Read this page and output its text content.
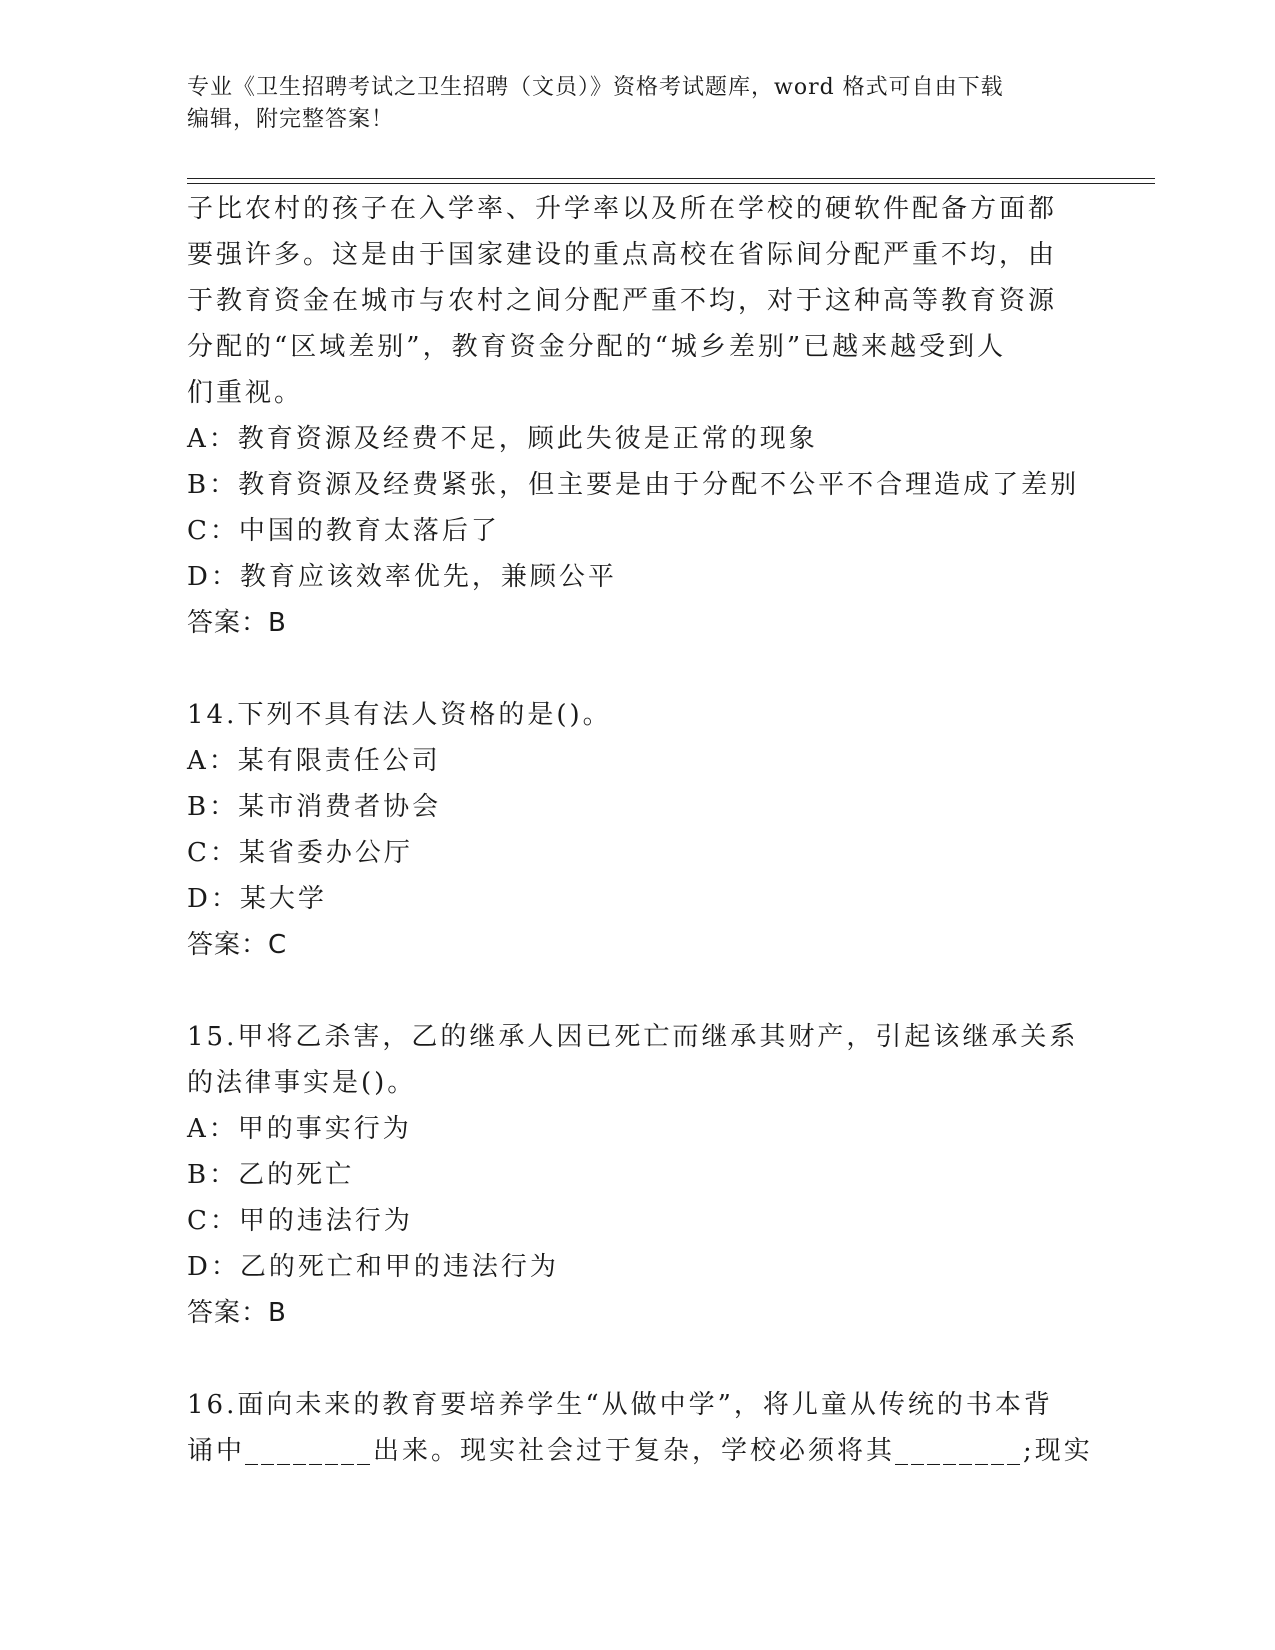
专业《卫生招聘考试之卫生招聘（文员）》资格考试题库，word 格式可自由下载
编辑，附完整答案！
子比农村的孩子在入学率、升学率以及所在学校的硬软件配备方面都
要强许多。这是由于国家建设的重点高校在省际间分配严重不均，由
于教育资金在城市与农村之间分配严重不均，对于这种高等教育资源
分配的“区域差别”，教育资金分配的“城乡差别”已越来越受到人
们重视。
A：教育资源及经费不足，顾此失彼是正常的现象
B：教育资源及经费紧张，但主要是由于分配不公平不合理造成了差别
C：中国的教育太落后了
D：教育应该效率优先，兼顾公平
答案：B
14.下列不具有法人资格的是()。
A：某有限责任公司
B：某市消费者协会
C：某省委办公厅
D：某大学
答案：C
15.甲将乙杀害，乙的继承人因已死亡而继承其财产，引起该继承关系
的法律事实是()。
A：甲的事实行为
B：乙的死亡
C：甲的违法行为
D：乙的死亡和甲的违法行为
答案：B
16.面向未来的教育要培养学生“从做中学”，将儿童从传统的书本背
诵中________出来。现实社会过于复杂，学校必须将其________;现实
